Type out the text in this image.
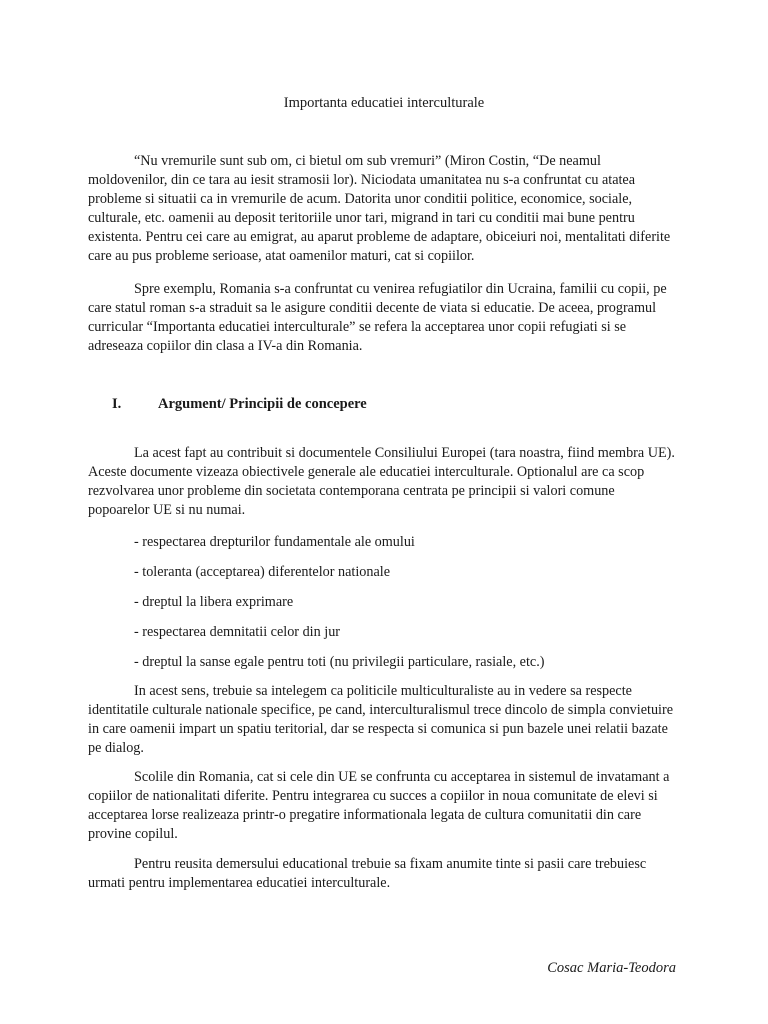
Importanta educatiei interculturale

“Nu vremurile sunt sub om, ci bietul om sub vremuri” (Miron Costin, “De neamul moldovenilor, din ce tara au iesit stramosii lor). Niciodata umanitatea nu s-a confruntat cu atatea probleme si situatii ca in vremurile de acum. Datorita unor conditii politice, economice, sociale, culturale, etc. oamenii au deposit teritoriile unor tari, migrand in tari cu conditii mai bune pentru existenta. Pentru cei care au emigrat, au aparut probleme de adaptare, obiceiuri noi, mentalitati diferite care au pus probleme serioase, atat oamenilor maturi, cat si copiilor.

Spre exemplu, Romania s-a confruntat cu venirea refugiatilor din Ucraina, familii cu copii, pe care statul roman s-a straduit sa le asigure conditii decente de viata si educatie. De aceea, programul curricular “Importanta educatiei interculturale” se refera la acceptarea unor copii refugiati si se adreseaza copiilor din clasa a IV-a din Romania.

I.	Argument/ Principii de concepere

La acest fapt au contribuit si documentele Consiliului Europei (tara noastra, fiind membra UE). Aceste documente vizeaza obiectivele generale ale educatiei interculturale. Optionalul are ca scop rezvolvarea unor probleme din societata contemporana centrata pe principii si valori comune popoarelor UE si nu numai.

- respectarea drepturilor fundamentale ale omului
- toleranta (acceptarea) diferentelor nationale
- dreptul la libera exprimare
- respectarea demnitatii celor din jur
- dreptul la sanse egale pentru toti (nu privilegii particulare, rasiale, etc.)

In acest sens, trebuie sa intelegem ca politicile multiculturaliste au in vedere sa respecte identitatile culturale nationale specifice, pe cand, interculturalismul trece dincolo de simpla convietuire in care oamenii impart un spatiu teritorial, dar se respecta si comunica si pun bazele unei relatii bazate pe dialog.

Scolile din Romania, cat si cele din UE se confrunta cu acceptarea in sistemul de invatamant a copiilor de nationalitati diferite. Pentru integrarea cu succes a copiilor in noua comunitate de elevi si acceptarea lorse realizeaza printr-o pregatire informationala legata de cultura comunitatii din care provine copilul.

Pentru reusita demersului educational trebuie sa fixam anumite tinte si pasii care trebuiesc urmati pentru implementarea educatiei interculturale.

Cosac Maria-Teodora
